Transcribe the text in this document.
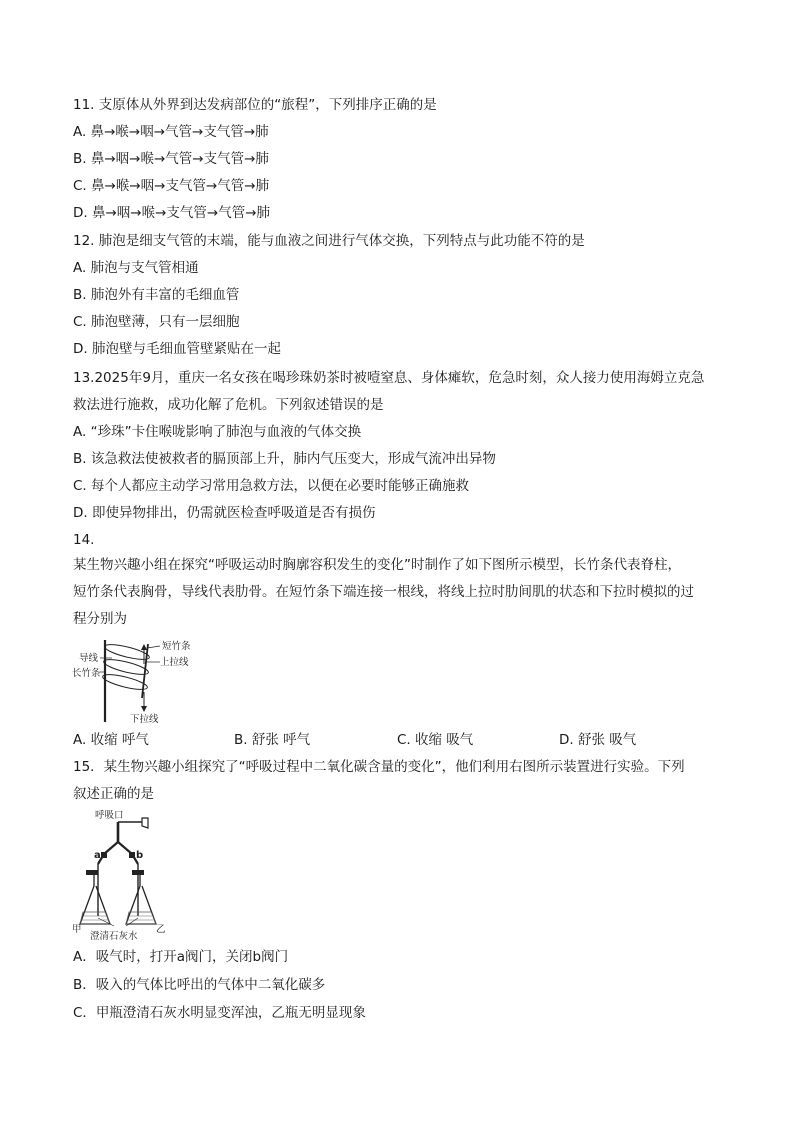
11. 支原体从外界到达发病部位的“旅程”，下列排序正确的是
A. 鼻→喉→咽→气管→支气管→肺
B. 鼻→咽→喉→气管→支气管→肺
C. 鼻→喉→咽→支气管→气管→肺
D. 鼻→咽→喉→支气管→气管→肺
12. 肺泡是细支气管的末端，能与血液之间进行气体交换，下列特点与此功能不符的是
A. 肺泡与支气管相通
B. 肺泡外有丰富的毛细血管
C. 肺泡壁薄，只有一层细胞
D. 肺泡壁与毛细血管壁紧贴在一起
13.2025年9月，重庆一名女孩在喝珍珠奶茶时被噎窒息、身体瘫软，危急时刻，众人接力使用海姆立克急
救法进行施救，成功化解了危机。下列叙述错误的是
A. “珍珠”卡住喉咙影响了肺泡与血液的气体交换
B. 该急救法使被救者的膈顶部上升，肺内气压变大，形成气流冲出异物
C. 每个人都应主动学习常用急救方法，以便在必要时能够正确施救
D. 即使异物排出，仍需就医检查呼吸道是否有损伤
14.
某生物兴趣小组在探究“呼吸运动时胸廓容积发生的变化”时制作了如下图所示模型，长竹条代表脊柱，
短竹条代表胸骨，导线代表肋骨。在短竹条下端连接一根线，将线上拉时肋间肌的状态和下拉时模拟的过
程分别为
导线
长竹条
短竹条
上拉线
下拉线
A. 收缩 呼气	B. 舒张 呼气	C. 收缩 吸气	D. 舒张 吸气
15．某生物兴趣小组探究了“呼吸过程中二氧化碳含量的变化”，他们利用右图所示装置进行实验。下列
叙述正确的是
呼吸口
a	b
甲	乙
澄清石灰水
A．吸气时，打开a阀门，关闭b阀门
B．吸入的气体比呼出的气体中二氧化碳多
C．甲瓶澄清石灰水明显变浑浊，乙瓶无明显现象
